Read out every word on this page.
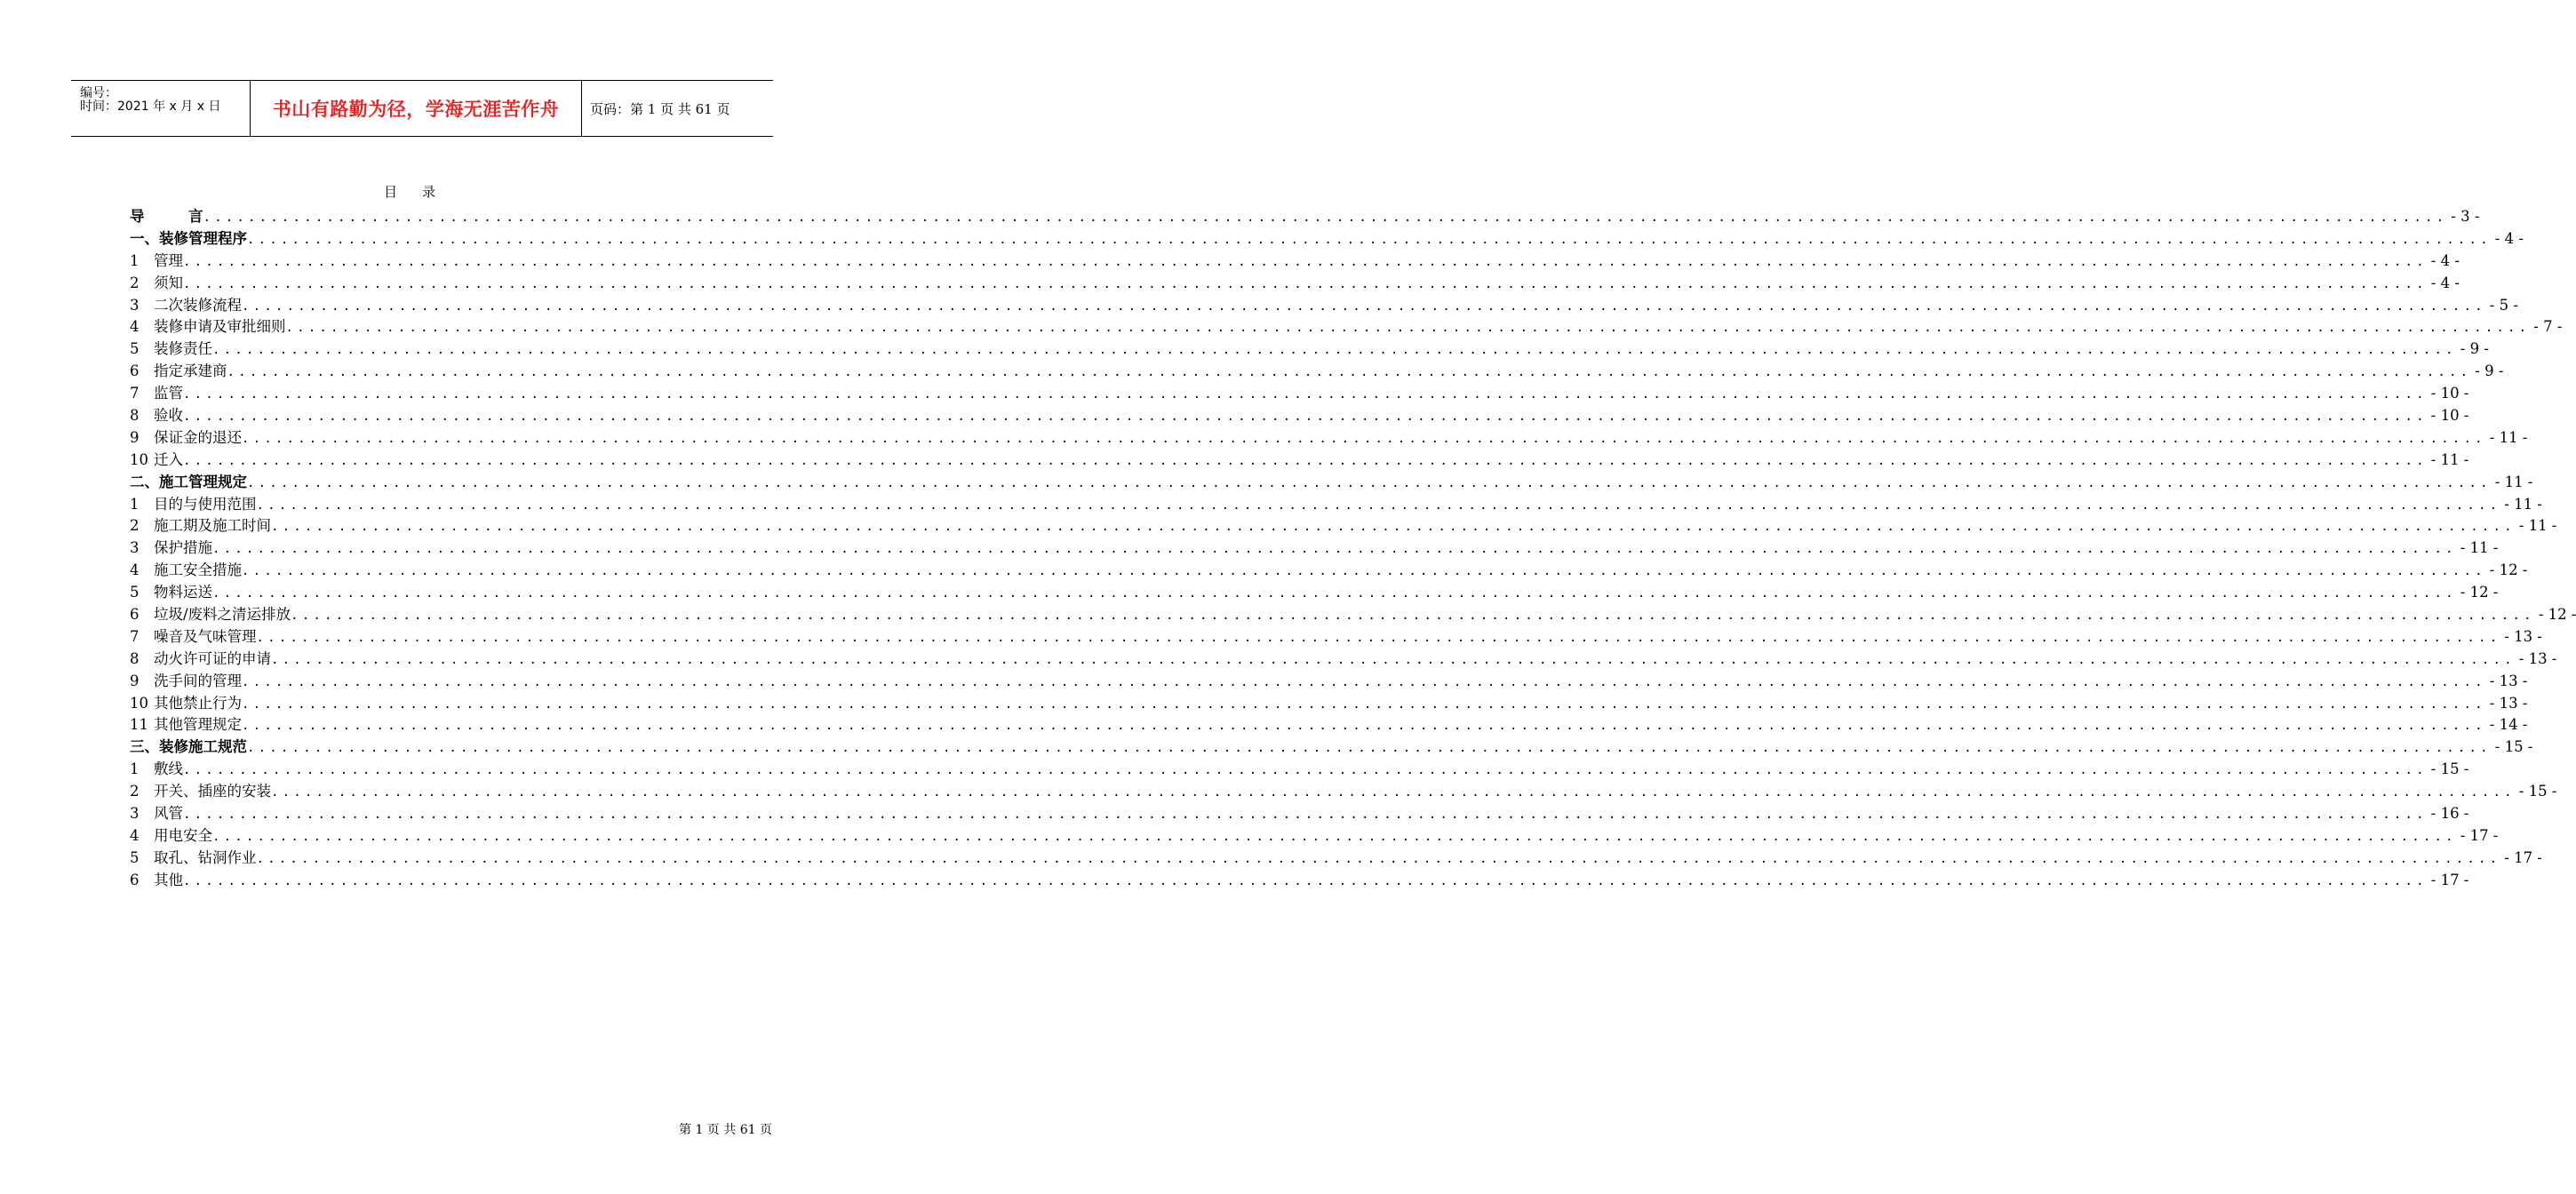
编号：
时间：2021 年 x 月 x 日	书山有路勤为径，学海无涯苦作舟 页码：第 1 页 共 61 页
目录
导　　　言 ........................................................................................................................................................................................................ - 3 -
一、装修管理程序 ........................................................................................................................................................................................................ - 4 -
1 管理 ........................................................................................................................................................................................................ - 4 -
2 须知 ........................................................................................................................................................................................................ - 4 -
3 二次装修流程 ........................................................................................................................................................................................................ - 5 -
4 装修申请及审批细则 ........................................................................................................................................................................................................ - 7 -
5 装修责任 ........................................................................................................................................................................................................ - 9 -
6 指定承建商 ........................................................................................................................................................................................................ - 9 -
7 监管 ........................................................................................................................................................................................................ - 10 -
8 验收 ........................................................................................................................................................................................................ - 10 -
9 保证金的退还 ........................................................................................................................................................................................................ - 11 -
10 迁入 ........................................................................................................................................................................................................ - 11 -
二、施工管理规定 ........................................................................................................................................................................................................ - 11 -
1 目的与使用范围 ........................................................................................................................................................................................................ - 11 -
2 施工期及施工时间 ........................................................................................................................................................................................................ - 11 -
3 保护措施 ........................................................................................................................................................................................................ - 11 -
4 施工安全措施 ........................................................................................................................................................................................................ - 12 -
5 物料运送 ........................................................................................................................................................................................................ - 12 -
6 垃圾/废料之清运排放 ........................................................................................................................................................................................................ - 12 -
7 噪音及气味管理 ........................................................................................................................................................................................................ - 13 -
8 动火许可证的申请 ........................................................................................................................................................................................................ - 13 -
9 洗手间的管理 ........................................................................................................................................................................................................ - 13 -
10 其他禁止行为 ........................................................................................................................................................................................................ - 13 -
11 其他管理规定 ........................................................................................................................................................................................................ - 14 -
三、装修施工规范 ........................................................................................................................................................................................................ - 15 -
1 敷线 ........................................................................................................................................................................................................ - 15 -
2 开关、插座的安装 ........................................................................................................................................................................................................ - 15 -
3 风管 ........................................................................................................................................................................................................ - 16 -
4 用电安全 ........................................................................................................................................................................................................ - 17 -
5 取孔、钻洞作业 ........................................................................................................................................................................................................ - 17 -
6 其他 ........................................................................................................................................................................................................ - 17 -
第 1 页 共 61 页
